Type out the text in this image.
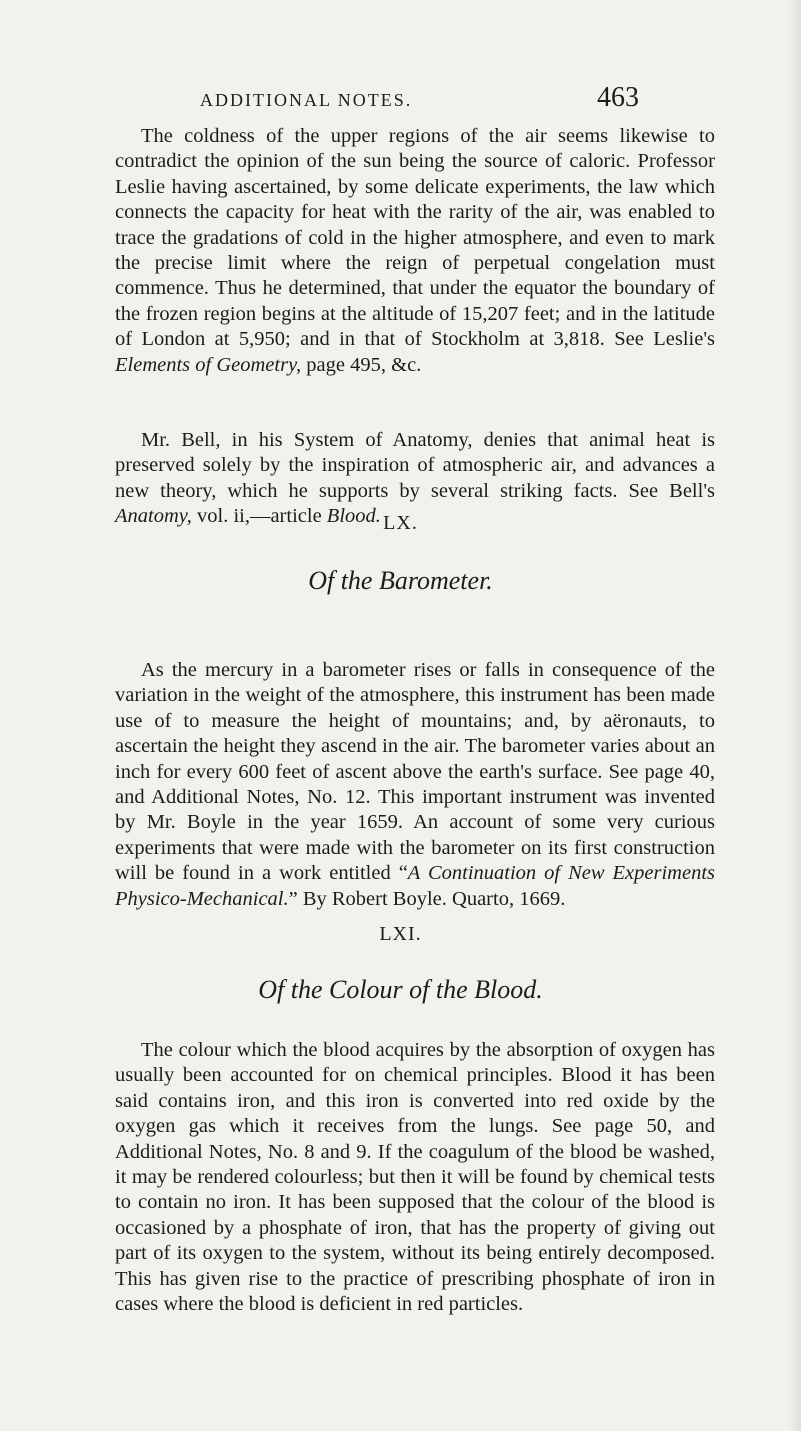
ADDITIONAL NOTES.	463

The coldness of the upper regions of the air seems likewise to contradict the opinion of the sun being the source of caloric. Professor Leslie having ascertained, by some delicate experiments, the law which connects the capacity for heat with the rarity of the air, was enabled to trace the gradations of cold in the higher atmosphere, and even to mark the precise limit where the reign of perpetual congelation must commence. Thus he determined, that under the equator the boundary of the frozen region begins at the altitude of 15,207 feet; and in the latitude of London at 5,950; and in that of Stockholm at 3,818. See Leslie's Elements of Geometry, page 495, &c.

Mr. Bell, in his System of Anatomy, denies that animal heat is preserved solely by the inspiration of atmospheric air, and advances a new theory, which he supports by several striking facts. See Bell's Anatomy, vol. ii,—article Blood. LX.
Of the Barometer.

As the mercury in a barometer rises or falls in consequence of the variation in the weight of the atmosphere, this instrument has been made use of to measure the height of mountains; and, by aëronauts, to ascertain the height they ascend in the air. The barometer varies about an inch for every 600 feet of ascent above the earth's surface. See page 40, and Additional Notes, No. 12. This important instrument was invented by Mr. Boyle in the year 1659. An account of some very curious experiments that were made with the barometer on its first construction will be found in a work entitled “A Continuation of New Experiments Physico-Mechanical.” By Robert Boyle. Quarto, 1669.

LXI.
Of the Colour of the Blood.

The colour which the blood acquires by the absorption of oxygen has usually been accounted for on chemical principles. Blood it has been said contains iron, and this iron is converted into red oxide by the oxygen gas which it receives from the lungs. See page 50, and Additional Notes, No. 8 and 9. If the coagulum of the blood be washed, it may be rendered colourless; but then it will be found by chemical tests to contain no iron. It has been supposed that the colour of the blood is occasioned by a phosphate of iron, that has the property of giving out part of its oxygen to the system, without its being entirely decomposed. This has given rise to the practice of prescribing phosphate of iron in cases where the blood is deficient in red particles.
